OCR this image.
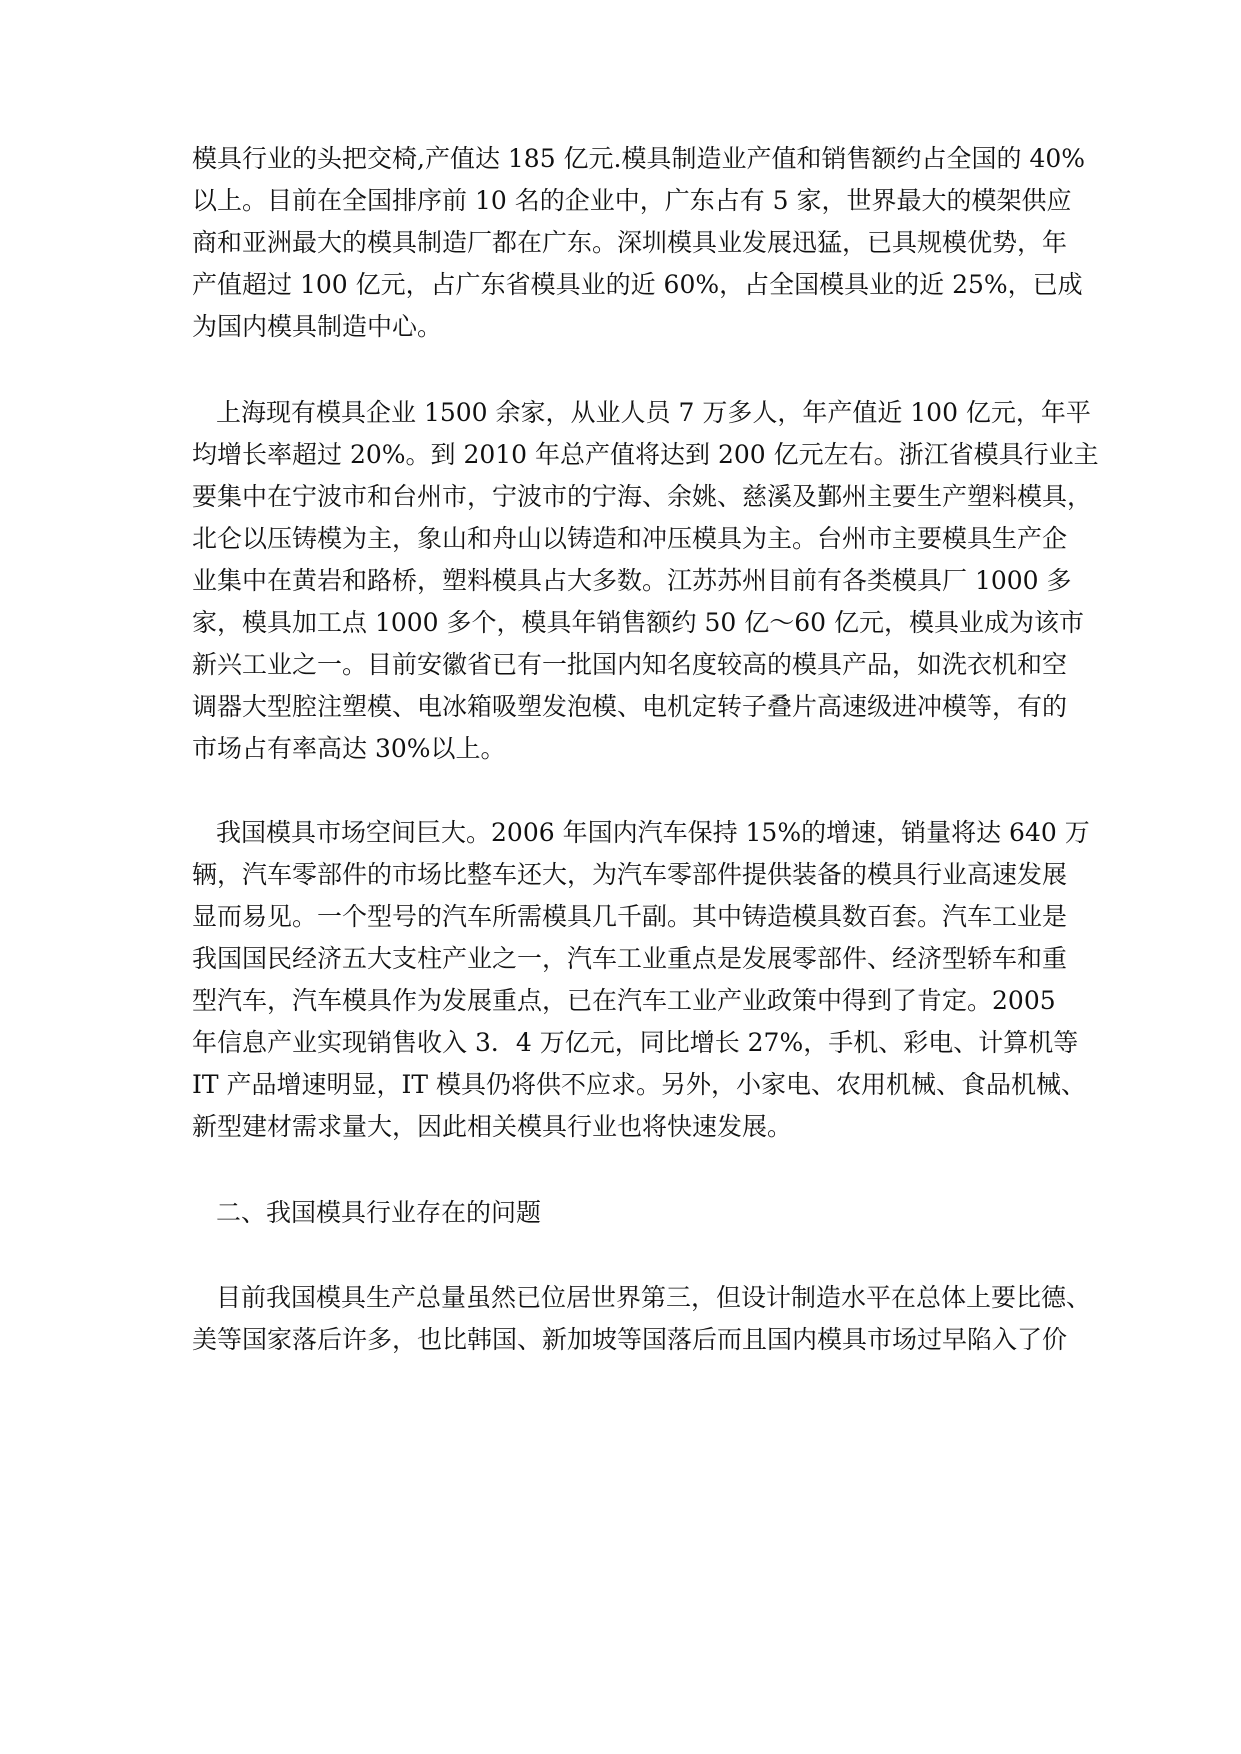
模具行业的头把交椅,产值达 185 亿元.模具制造业产值和销售额约占全国的 40%
以上。目前在全国排序前 10 名的企业中，广东占有 5 家，世界最大的模架供应
商和亚洲最大的模具制造厂都在广东。深圳模具业发展迅猛，已具规模优势，年
产值超过 100 亿元，占广东省模具业的近 60%，占全国模具业的近 25%，已成
为国内模具制造中心。
上海现有模具企业 1500 余家，从业人员 7 万多人，年产值近 100 亿元，年平
均增长率超过 20%。到 2010 年总产值将达到 200 亿元左右。浙江省模具行业主
要集中在宁波市和台州市，宁波市的宁海、余姚、慈溪及鄞州主要生产塑料模具，
北仑以压铸模为主，象山和舟山以铸造和冲压模具为主。台州市主要模具生产企
业集中在黄岩和路桥，塑料模具占大多数。江苏苏州目前有各类模具厂 1000 多
家，模具加工点 1000 多个，模具年销售额约 50 亿～60 亿元，模具业成为该市
新兴工业之一。目前安徽省已有一批国内知名度较高的模具产品，如洗衣机和空
调器大型腔注塑模、电冰箱吸塑发泡模、电机定转子叠片高速级进冲模等，有的
市场占有率高达 30%以上。
我国模具市场空间巨大。2006 年国内汽车保持 15%的增速，销量将达 640 万
辆，汽车零部件的市场比整车还大，为汽车零部件提供装备的模具行业高速发展
显而易见。一个型号的汽车所需模具几千副。其中铸造模具数百套。汽车工业是
我国国民经济五大支柱产业之一，汽车工业重点是发展零部件、经济型轿车和重
型汽车，汽车模具作为发展重点，已在汽车工业产业政策中得到了肯定。2005
年信息产业实现销售收入 3．4 万亿元，同比增长 27%，手机、彩电、计算机等
IT 产品增速明显，IT 模具仍将供不应求。另外，小家电、农用机械、食品机械、
新型建材需求量大，因此相关模具行业也将快速发展。
二、我国模具行业存在的问题
目前我国模具生产总量虽然已位居世界第三，但设计制造水平在总体上要比德、
美等国家落后许多，也比韩国、新加坡等国落后而且国内模具市场过早陷入了价
